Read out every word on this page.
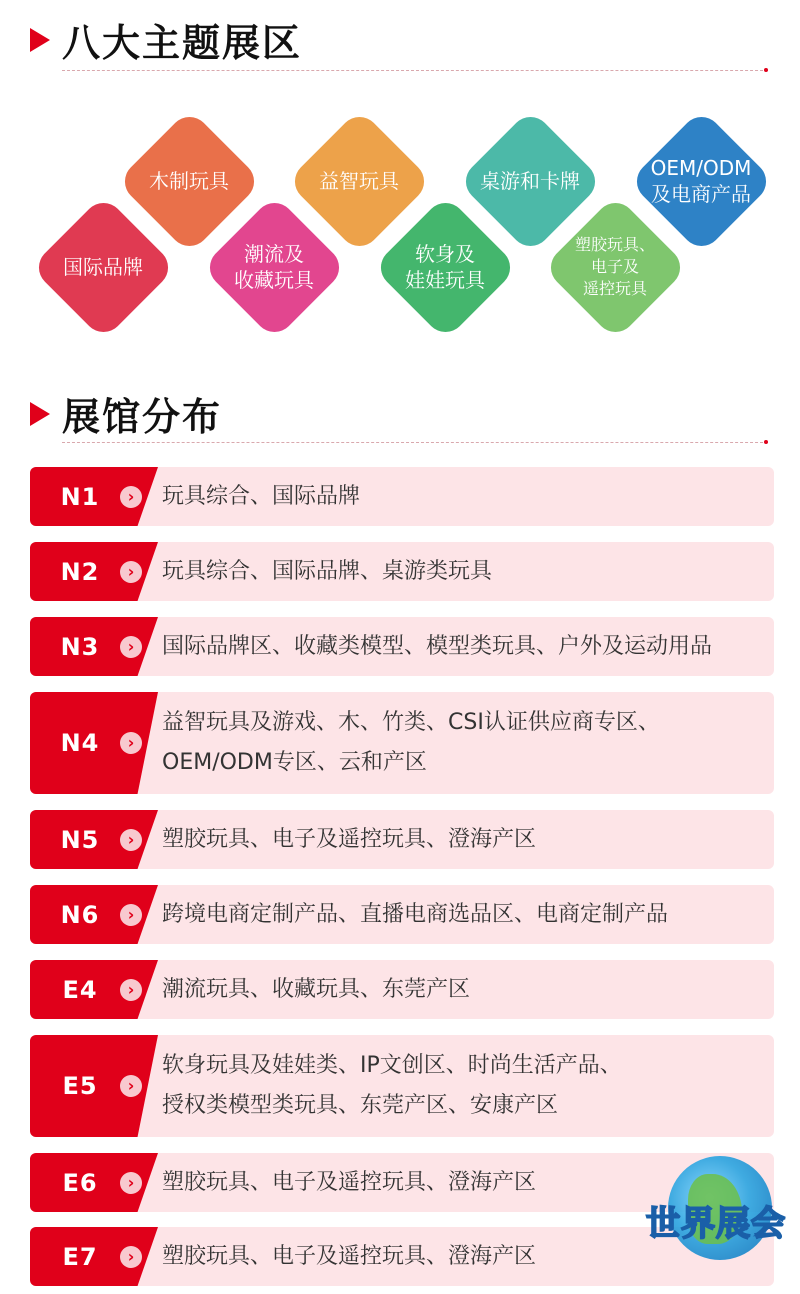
八大主题展区
木制玩具	益智玩具	桌游和卡牌
OEM/ODM
及电商产品
国际品牌
潮流及
收藏玩具
软身及
娃娃玩具
塑胶玩具、
电子及
遥控玩具
展馆分布
N1	›	玩具综合、国际品牌
N2	›	玩具综合、国际品牌、桌游类玩具
N3	›	国际品牌区、收藏类模型、模型类玩具、户外及运动用品
N4	›
益智玩具及游戏、木、竹类、CSI认证供应商专区、
OEM/ODM专区、云和产区
N5	›	塑胶玩具、电子及遥控玩具、澄海产区
N6	›	跨境电商定制产品、直播电商选品区、电商定制产品
E4	›	潮流玩具、收藏玩具、东莞产区
E5	›
软身玩具及娃娃类、IP文创区、时尚生活产品、
授权类模型类玩具、东莞产区、安康产区
E6	›	塑胶玩具、电子及遥控玩具、澄海产区
E7	›	塑胶玩具、电子及遥控玩具、澄海产区
世界展会
